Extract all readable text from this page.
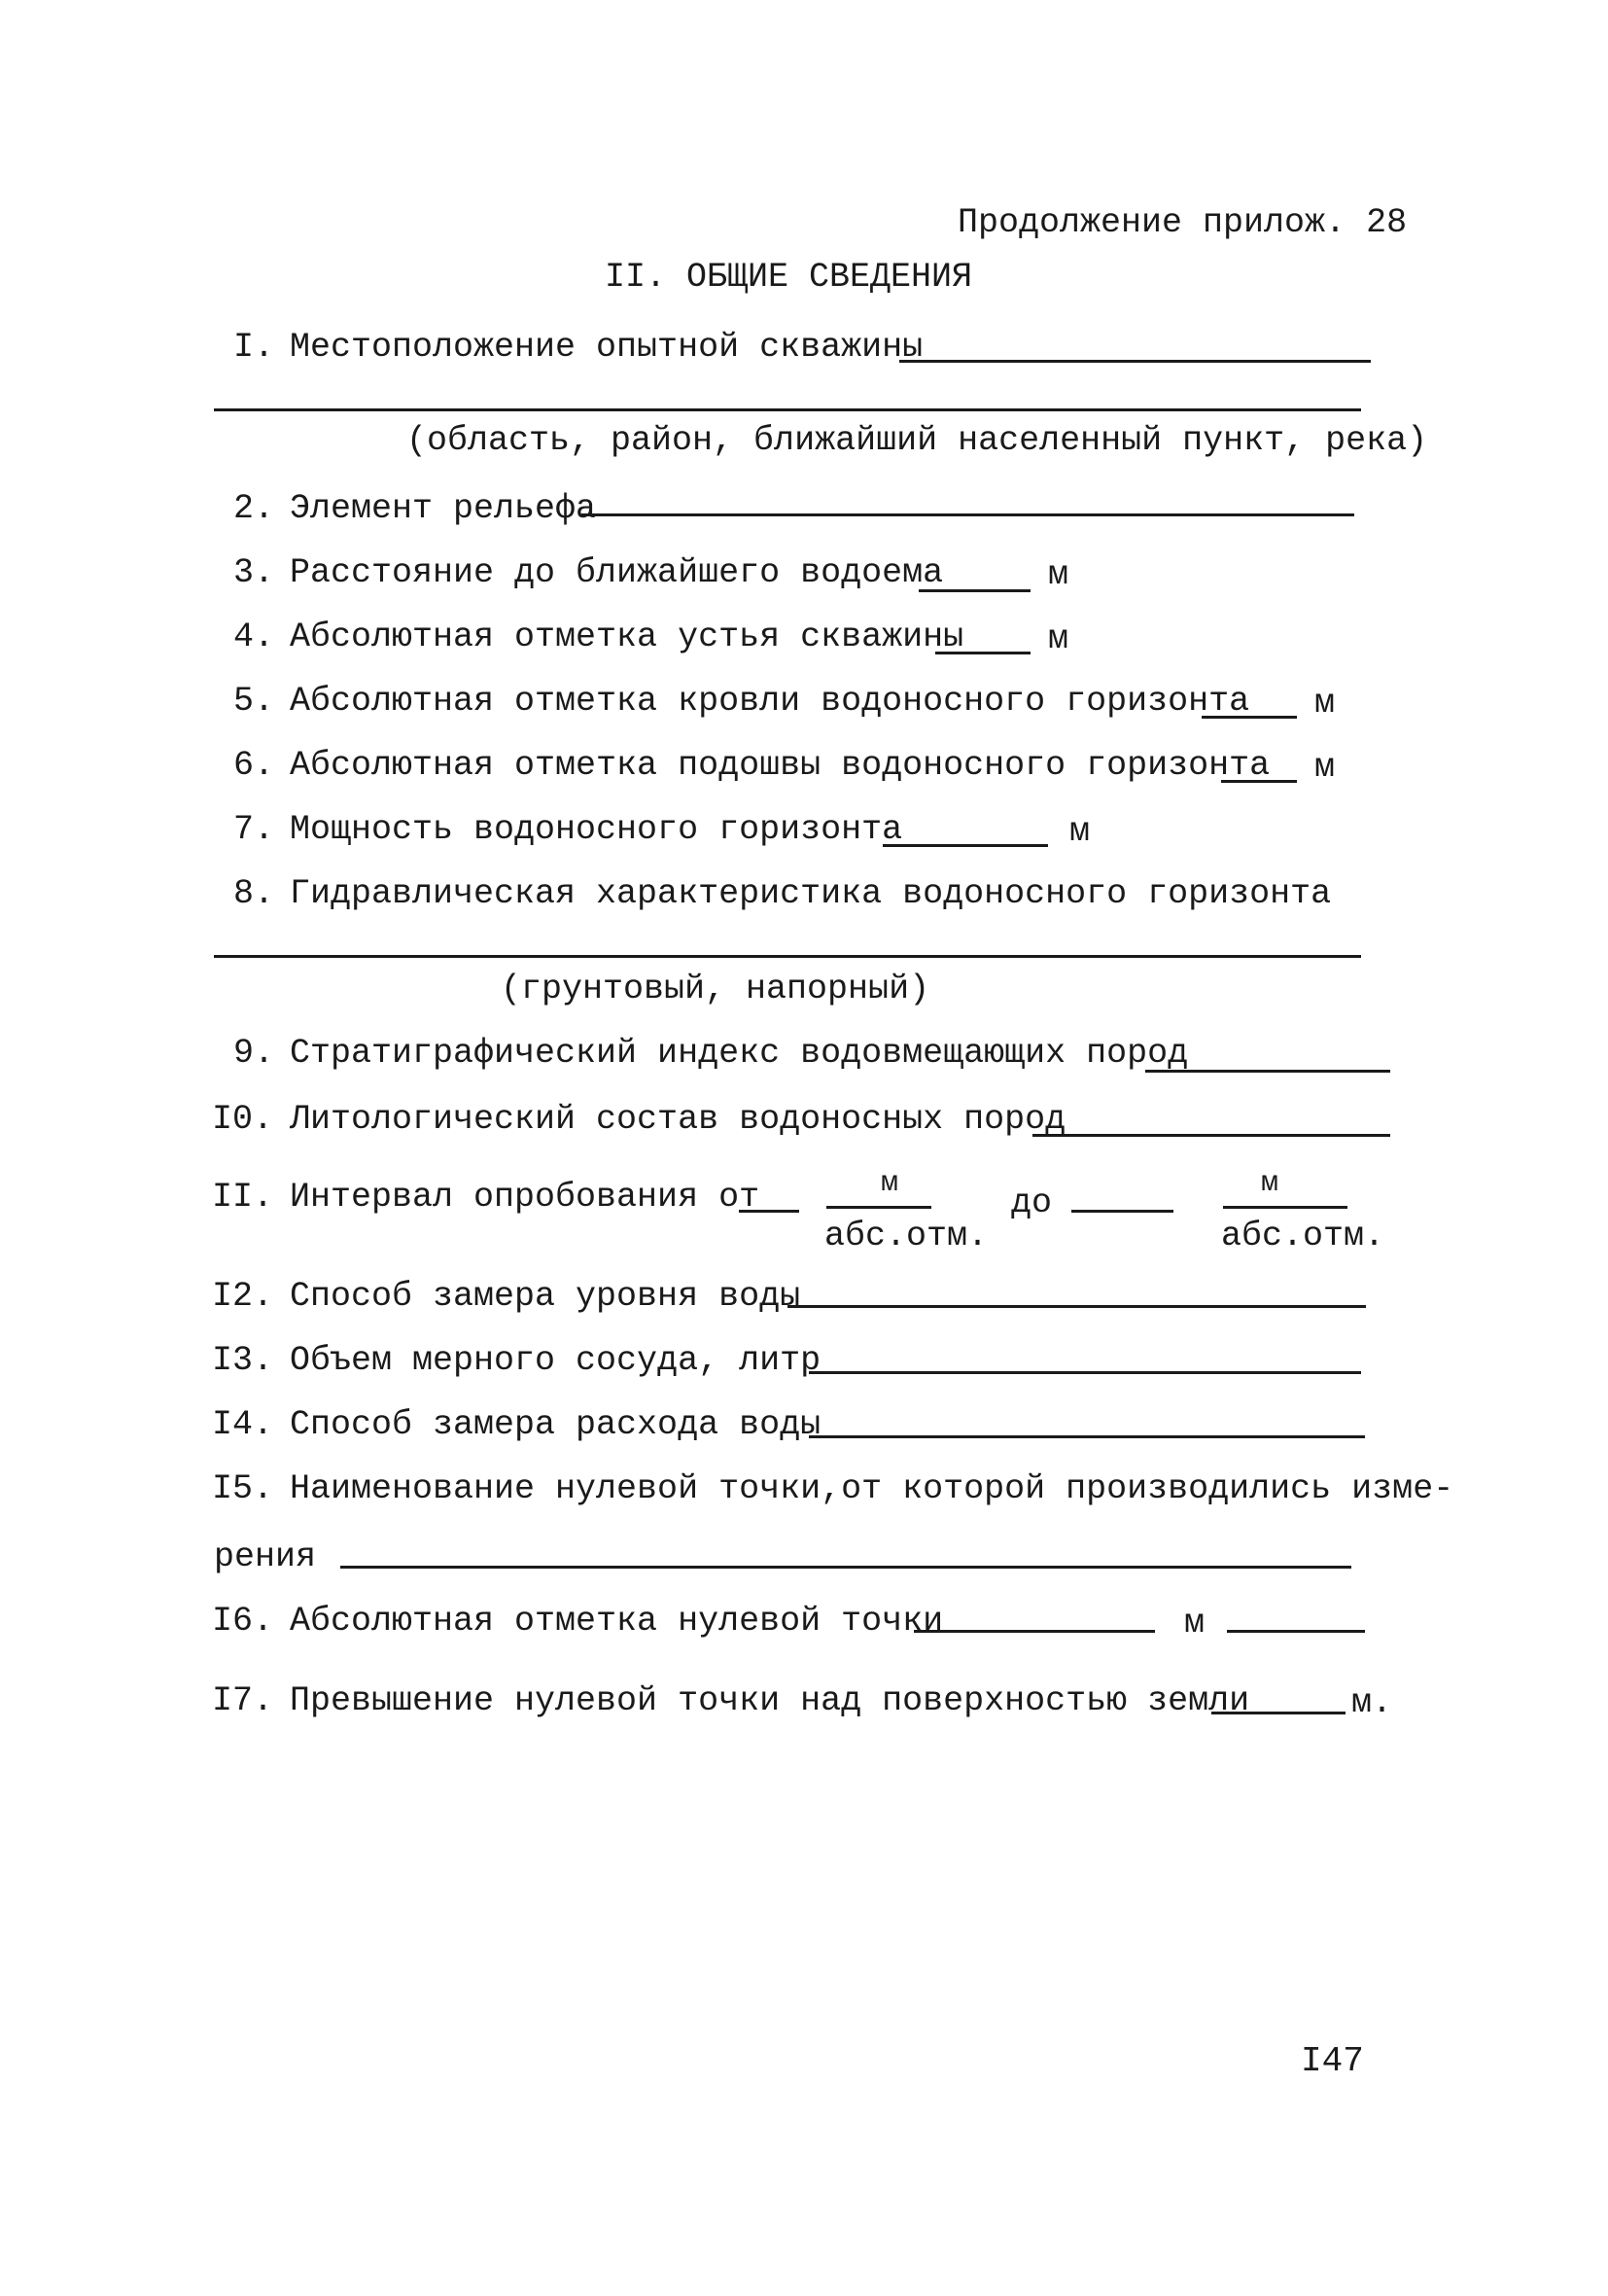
Продолжение прилож. 28
II. ОБЩИЕ СВЕДЕНИЯ
I. Местоположение опытной скважины
(область, район, ближайший населенный пункт, река)
2. Элемент рельефа
3. Расстояние до ближайшего водоема	м
4. Абсолютная отметка устья скважины м
5. Абсолютная отметка кровли водоносного горизонта м
6. Абсолютная отметка подошвы водоносного горизонта м
7. Мощность водоносного горизонта	м
8. Гидравлическая характеристика водоносного горизонта
(грунтовый, напорный)
9. Стратиграфический индекс водовмещающих пород
I0. Литологический состав водоносных пород
II. Интервал опробования от	м
абс.отм.
до	м
абс.отм.
I2. Способ замера уровня воды
I3. Объем мерного сосуда, литр
I4. Способ замера расхода воды
I5. Наименование нулевой точки,от которой производились изме-
рения
I6. Абсолютная отметка нулевой точки	м
I7. Превышение нулевой точки над поверхностью земли	м.
I47
